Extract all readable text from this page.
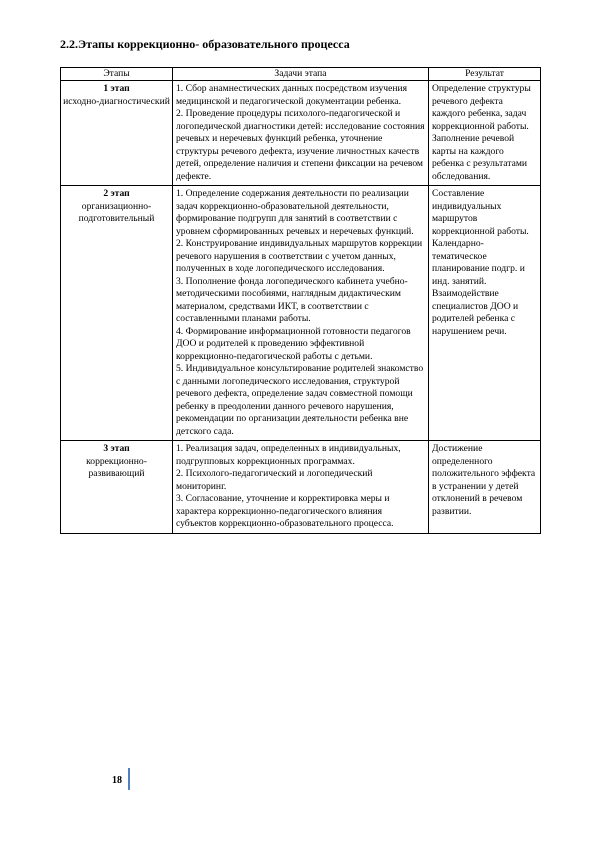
2.2.Этапы коррекционно- образовательного процесса
Этапы	Задачи этапа	Результат

1 этап
исходно-диагностический	1. Сбор анамнестических данных посредством изучения медицинской и педагогической документации ребенка.
2. Проведение процедуры психолого-педагогической и логопедической диагностики детей: исследование состояния речевых и неречевых функций ребенка, уточнение структуры речевого дефекта, изучение личностных качеств детей, определение наличия и степени фиксации на речевом дефекте.	Определение структуры речевого дефекта каждого ребенка, задач коррекционной работы. Заполнение речевой карты на каждого ребенка с результатами обследования.

2 этап
организационно-подготовительный	1. Определение содержания деятельности по реализации задач коррекционно-образовательной деятельности, формирование подгрупп для занятий в соответствии с уровнем сформированных речевых и неречевых функций.
2. Конструирование индивидуальных маршрутов коррекции речевого нарушения в соответствии с учетом данных, полученных в ходе логопедического исследования.
3. Пополнение фонда логопедического кабинета учебно-методическими пособиями, наглядным дидактическим материалом, средствами ИКТ, в соответствии с составленными планами работы.
4. Формирование информационной готовности педагогов ДОО и родителей к проведению эффективной коррекционно-педагогической работы с детьми.
5. Индивидуальное консультирование родителей знакомство с данными логопедического исследования, структурой речевого дефекта, определение задач совместной помощи ребенку в преодолении данного речевого нарушения, рекомендации по организации деятельности ребенка вне детского сада.	Составление индивидуальных маршрутов коррекционной работы. Календарно-тематическое планирование подгр. и инд. занятий. Взаимодействие специалистов ДОО и родителей ребенка с нарушением речи.

3 этап
коррекционно-развивающий	1. Реализация задач, определенных в индивидуальных, подгрупповых коррекционных программах.
2. Психолого-педагогический и логопедический мониторинг.
3. Согласование, уточнение и корректировка меры и характера коррекционно-педагогического влияния субъектов коррекционно-образовательного процесса.	Достижение определенного положительного эффекта в устранении у детей отклонений в речевом развитии.
18
